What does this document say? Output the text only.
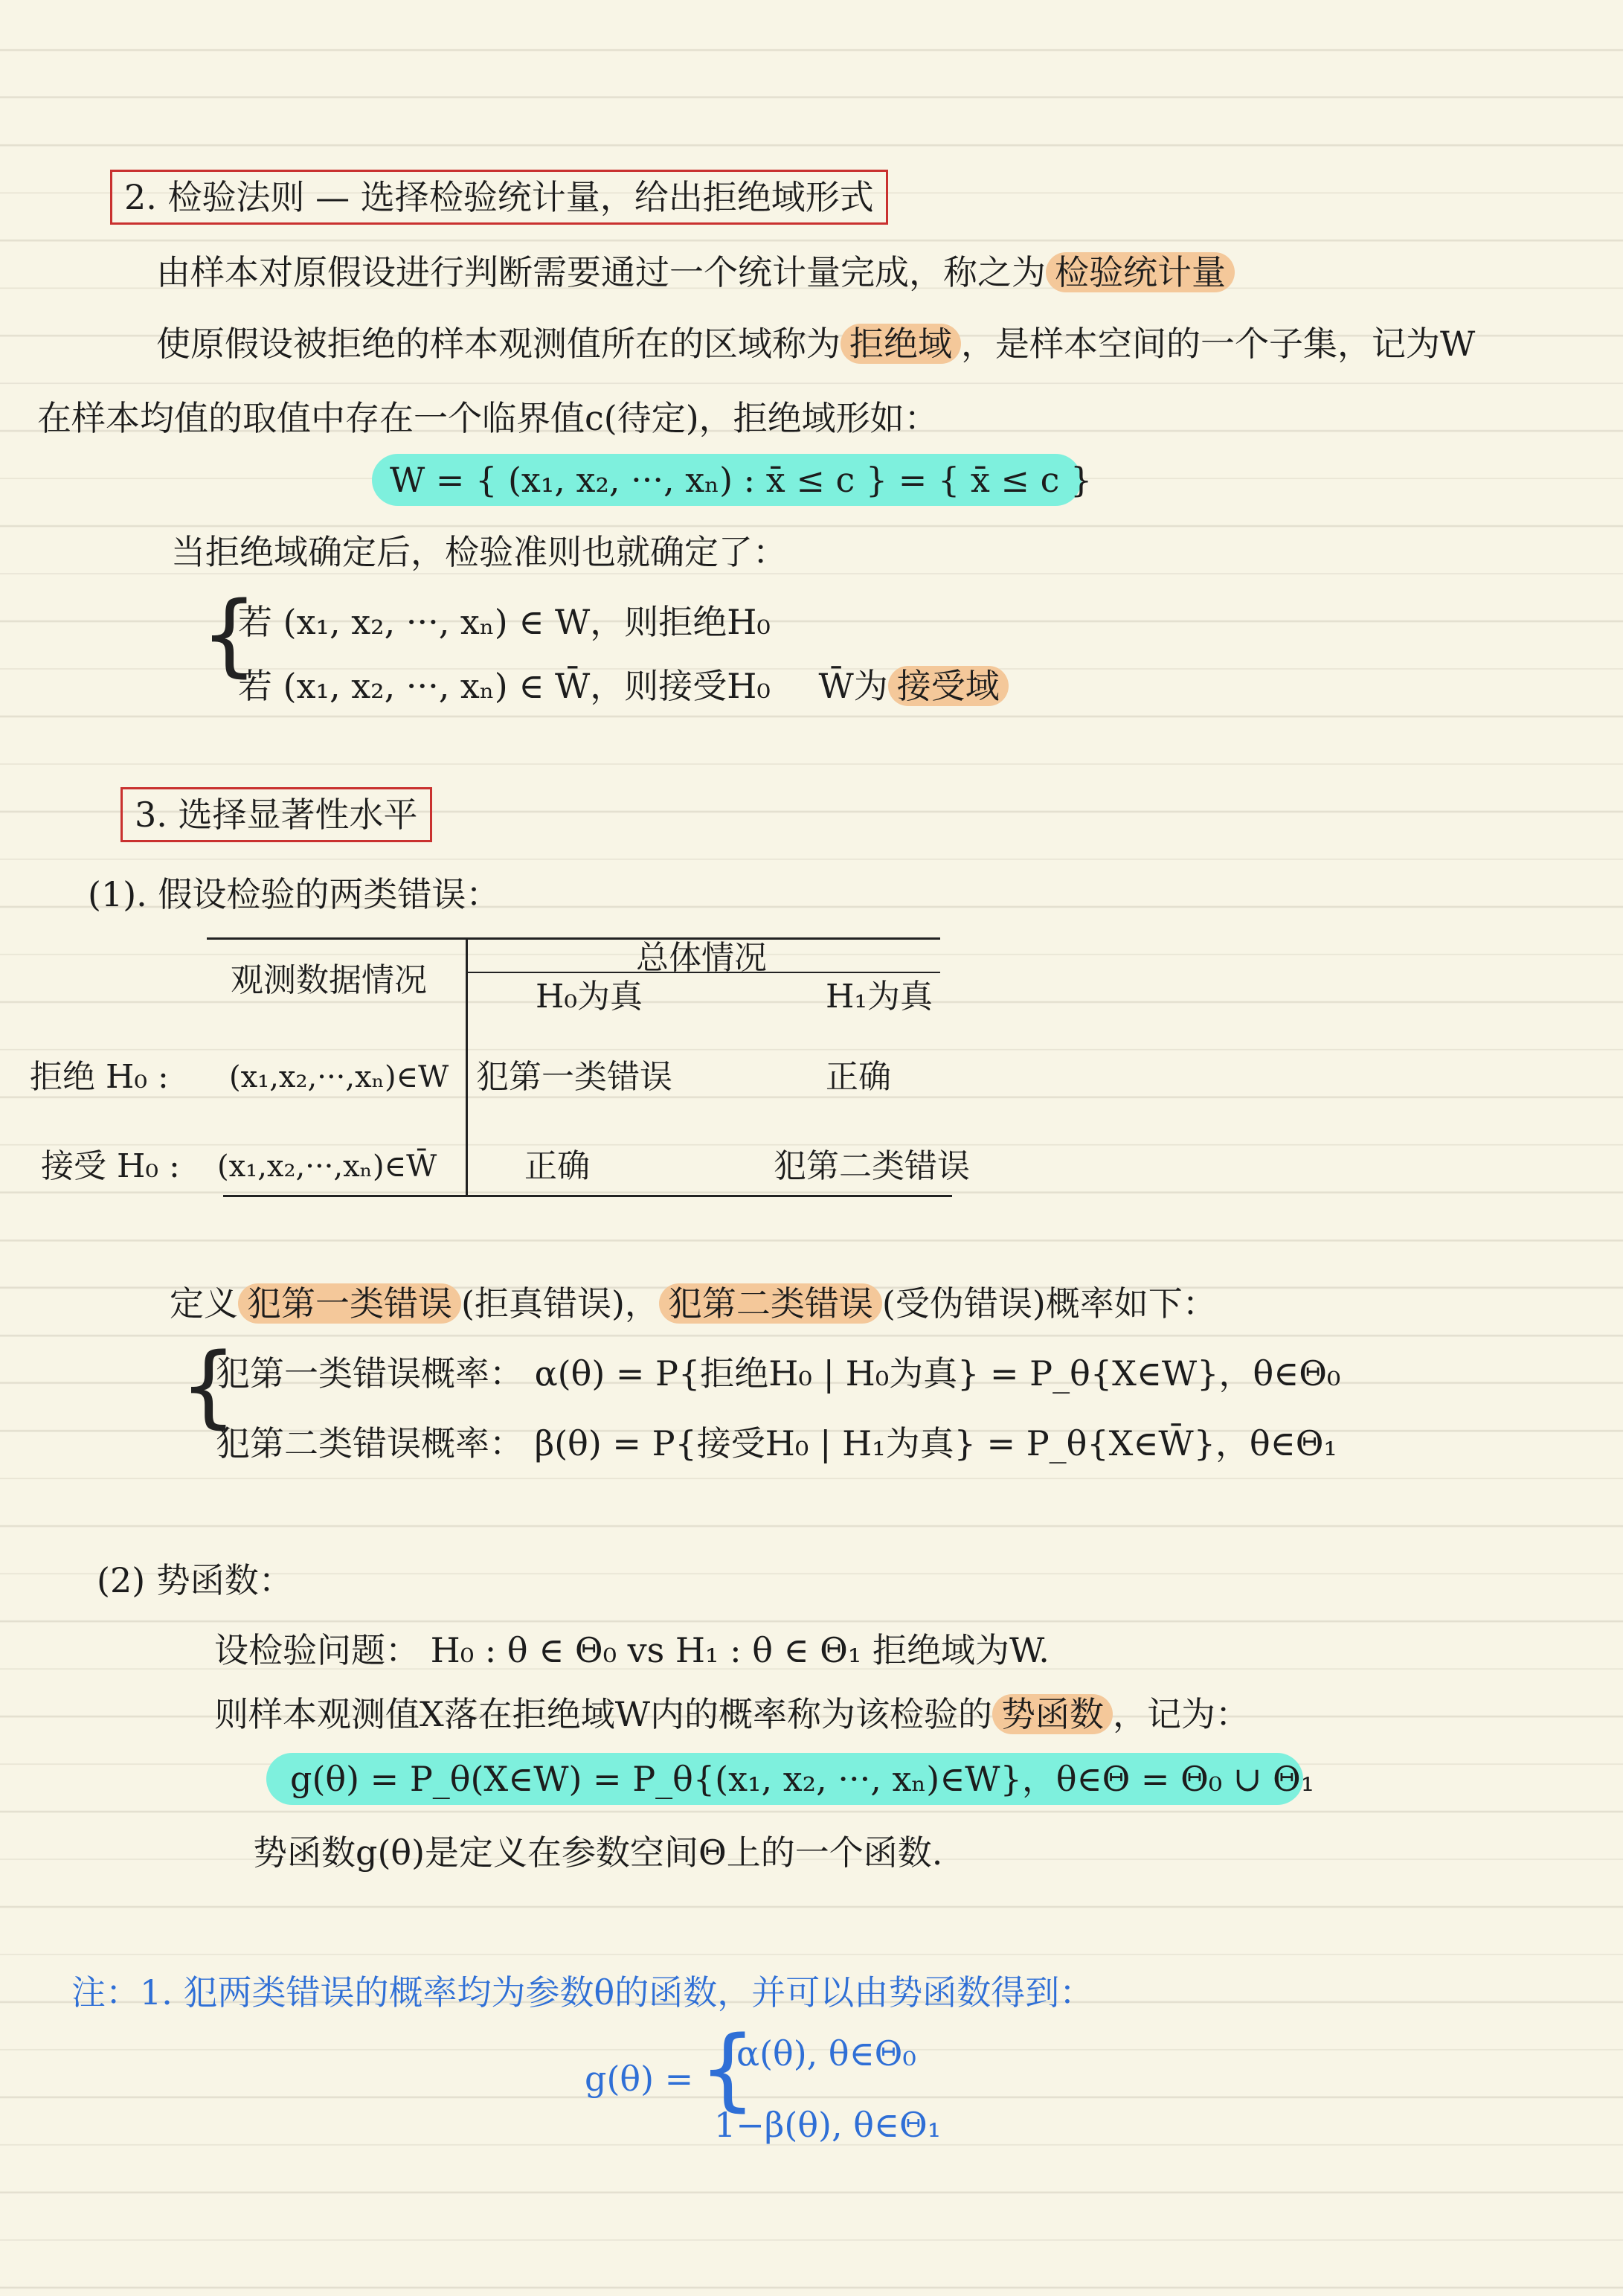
2. 检验法则 — 选择检验统计量，给出拒绝域形式
由样本对原假设进行判断需要通过一个统计量完成，称之为 检验统计量
使原假设被拒绝的样本观测值所在的区域称为 拒绝域 ，是样本空间的一个子集，记为W
在样本均值的取值中存在一个临界值c(待定)，拒绝域形如：
W = { (x₁, x₂, ···, xₙ) : x̄ ≤ c } = { x̄ ≤ c }
当拒绝域确定后，检验准则也就确定了：
{
若 (x₁, x₂, ···, xₙ) ∈ W，则拒绝H₀
若 (x₁, x₂, ···, xₙ) ∈ W̄，则接受H₀ W̄为 接受域
3. 选择显著性水平
(1). 假设检验的两类错误：
观测数据情况
总体情况
H₀为真	H₁为真
拒绝 H₀ : (x₁,x₂,···,xₙ)∈W 犯第一类错误	正确
接受 H₀ : (x₁,x₂,···,xₙ)∈W̄	正确	犯第二类错误
定义 犯第一类错误 (拒真错误)， 犯第二类错误 (受伪错误)概率如下：
{
犯第一类错误概率： α(θ) = P{拒绝H₀ | H₀为真} = P_θ{X∈W}，θ∈Θ₀
犯第二类错误概率： β(θ) = P{接受H₀ | H₁为真} = P_θ{X∈W̄}，θ∈Θ₁
(2) 势函数：
设检验问题： H₀ : θ ∈ Θ₀ vs H₁ : θ ∈ Θ₁ 拒绝域为W.
则样本观测值X落在拒绝域W内的概率称为该检验的 势函数 ，记为：
g(θ) = P_θ(X∈W) = P_θ{(x₁, x₂, ···, xₙ)∈W}，θ∈Θ = Θ₀ ∪ Θ₁
势函数g(θ)是定义在参数空间Θ上的一个函数.
注：1. 犯两类错误的概率均为参数θ的函数，并可以由势函数得到：
g(θ) = {
α(θ), θ∈Θ₀
1−β(θ), θ∈Θ₁
